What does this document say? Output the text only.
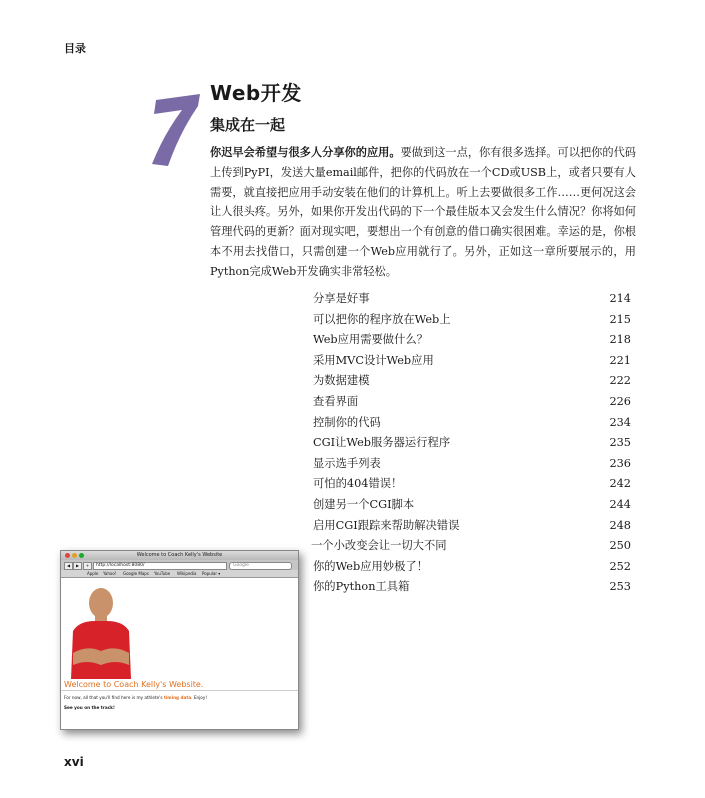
目录
Web开发
集成在一起
你迟早会希望与很多人分享你的应用。要做到这一点，你有很多选择。可以把你的代码上传到PyPI，发送大量email邮件，把你的代码放在一个CD或USB上，或者只要有人需要，就直接把应用手动安装在他们的计算机上。听上去要做很多工作……更何况这会让人很头疼。另外，如果你开发出代码的下一个最佳版本又会发生什么情况？你将如何管理代码的更新？面对现实吧，要想出一个有创意的借口确实很困难。幸运的是，你根本不用去找借口，只需创建一个Web应用就行了。另外，正如这一章所要展示的，用Python完成Web开发确实非常轻松。
分享是好事	214
可以把你的程序放在Web上	215
Web应用需要做什么？	218
采用MVC设计Web应用	221
为数据建模	222
查看界面	226
控制你的代码	234
CGI让Web服务器运行程序	235
显示选手列表	236
可怕的404错误！	242
创建另一个CGI脚本	244
启用CGI跟踪来帮助解决错误	248
一个小改变会让一切大不同	250
你的Web应用妙极了！	252
你的Python工具箱	253
Welcome to Coach Kelly's Website
◀	▶	+	http://localhost:8080/	Google
Apple Yahoo! Google Maps YouTube Wikipedia Popular ▾
Welcome to Coach Kelly's Website.
For now, all that you'll find here is my athlete's timing data. Enjoy!
See you on the track!
xvi
